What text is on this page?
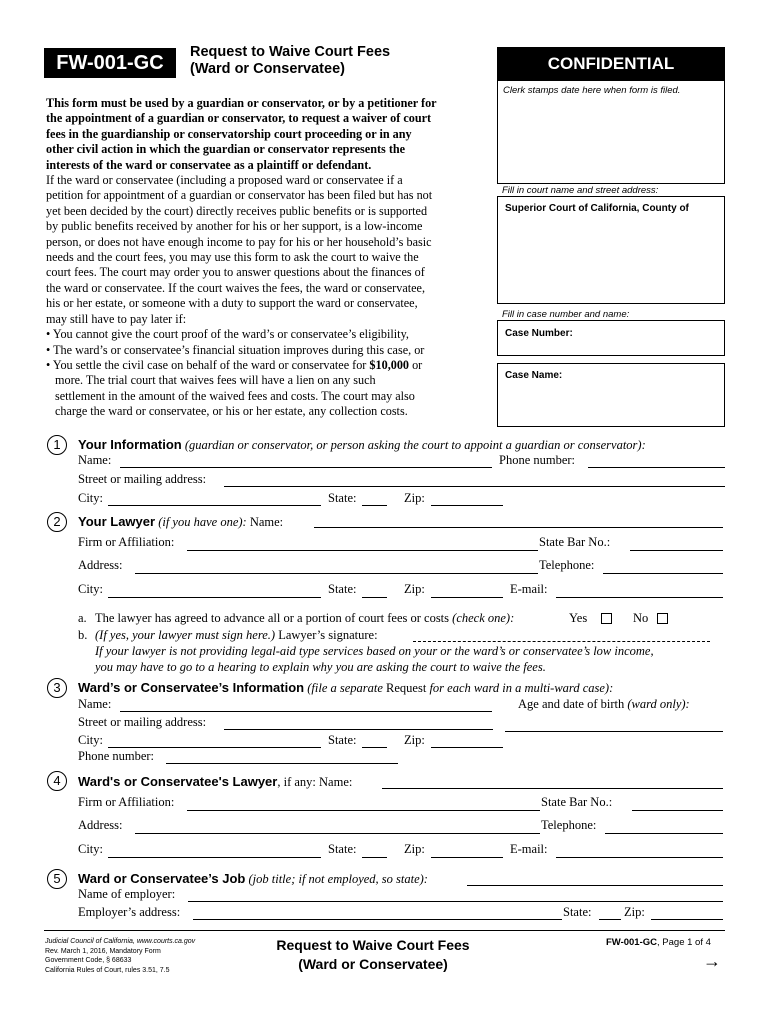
FW-001-GC	Request to Waive Court Fees
(Ward or Conservatee)	CONFIDENTIAL
Clerk stamps date here when form is filed.
Fill in court name and street address:
Superior Court of California, County of
Fill in case number and name:
Case Number:
Case Name:
This form must be used by a guardian or conservator, or by a petitioner for
the appointment of a guardian or conservator, to request a waiver of court
fees in the guardianship or conservatorship court proceeding or in any
other civil action in which the guardian or conservator represents the
interests of the ward or conservatee as a plaintiff or defendant.
If the ward or conservatee (including a proposed ward or conservatee if a
petition for appointment of a guardian or conservator has been filed but has not
yet been decided by the court) directly receives public benefits or is supported
by public benefits received by another for his or her support, is a low-income
person, or does not have enough income to pay for his or her household’s basic
needs and the court fees, you may use this form to ask the court to waive the
court fees. The court may order you to answer questions about the finances of
the ward or conservatee. If the court waives the fees, the ward or conservatee,
his or her estate, or someone with a duty to support the ward or conservatee,
may still have to pay later if:
• You cannot give the court proof of the ward’s or conservatee’s eligibility,
• The ward’s or conservatee’s financial situation improves during this case, or
• You settle the civil case on behalf of the ward or conservatee for $10,000 or
more. The trial court that waives fees will have a lien on any such
settlement in the amount of the waived fees and costs. The court may also
charge the ward or conservatee, or his or her estate, any collection costs.
1	Your Information (guardian or conservator, or person asking the court to appoint a guardian or conservator):
Name:	Phone number:
Street or mailing address:
City:	State:	Zip:
2	Your Lawyer (if you have one): Name:
Firm or Affiliation:	State Bar No.:
Address:	Telephone:
City:	State:	Zip:	E-mail:
a. The lawyer has agreed to advance all or a portion of court fees or costs (check one):	Yes	No
b. (If yes, your lawyer must sign here.) Lawyer’s signature:
If your lawyer is not providing legal-aid type services based on your or the ward’s or conservatee’s low income,
you may have to go to a hearing to explain why you are asking the court to waive the fees.
3	Ward’s or Conservatee’s Information (file a separate Request for each ward in a multi-ward case):
Name:	Age and date of birth (ward only):
Street or mailing address:
City:	State:	Zip:
Phone number:
4	Ward's or Conservatee's Lawyer, if any: Name:
Firm or Affiliation:	State Bar No.:
Address:	Telephone:
City:	State:	Zip:	E-mail:
5	Ward or Conservatee’s Job (job title; if not employed, so state):
Name of employer:
Employer’s address:	State:	Zip:
Judicial Council of California, www.courts.ca.gov
Rev. March 1, 2016, Mandatory Form
Government Code, § 68633
California Rules of Court, rules 3.51, 7.5
Request to Waive Court Fees
(Ward or Conservatee)
FW-001-GC, Page 1 of 4
→
